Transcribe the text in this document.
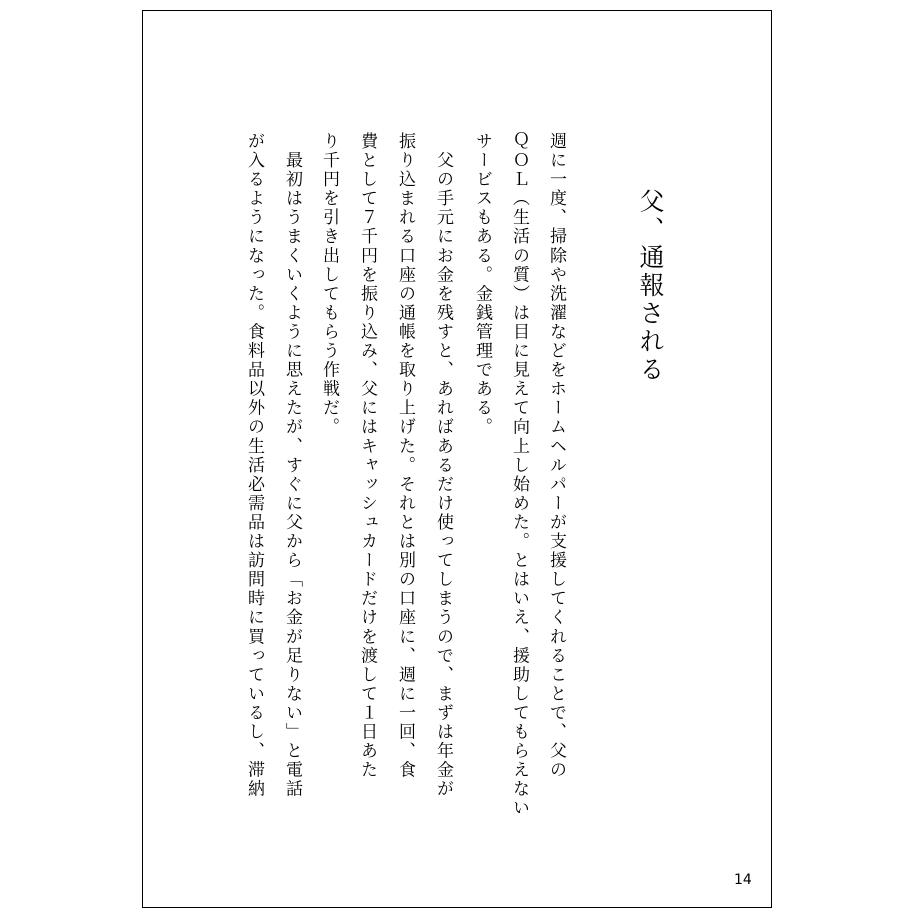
父、通報される
週に一度、掃除や洗濯などをホームヘルパーが支援してくれることで、父の
ＱＯＬ（生活の質）は目に見えて向上し始めた。とはいえ、援助してもらえない
サービスもある。金銭管理である。
　父の手元にお金を残すと、あればあるだけ使ってしまうので、まずは年金が
振り込まれる口座の通帳を取り上げた。それとは別の口座に、週に一回、食
費として７千円を振り込み、父にはキャッシュカードだけを渡して１日あた
り千円を引き出してもらう作戦だ。
　最初はうまくいくように思えたが、すぐに父から「お金が足りない」と電話
が入るようになった。食料品以外の生活必需品は訪問時に買っているし、滞納
14
